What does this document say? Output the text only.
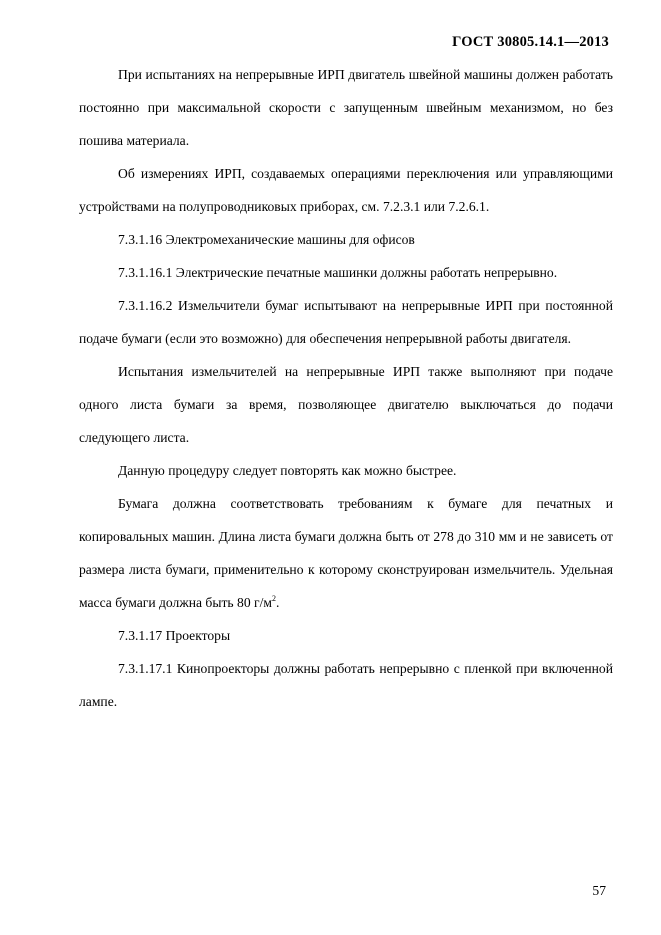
ГОСТ 30805.14.1—2013

При испытаниях на непрерывные ИРП двигатель швейной машины должен работать постоянно при максимальной скорости с запущенным швейным механизмом, но без пошива материала.

Об измерениях ИРП, создаваемых операциями переключения или управляющими устройствами на полупроводниковых приборах, см. 7.2.3.1 или 7.2.6.1.

7.3.1.16 Электромеханические машины для офисов

7.3.1.16.1 Электрические печатные машинки должны работать непрерывно.

7.3.1.16.2 Измельчители бумаг испытывают на непрерывные ИРП при постоянной подаче бумаги (если это возможно) для обеспечения непрерывной работы двигателя.

Испытания измельчителей на непрерывные ИРП также выполняют при подаче одного листа бумаги за время, позволяющее двигателю выключаться до подачи следующего листа.

Данную процедуру следует повторять как можно быстрее.

Бумага должна соответствовать требованиям к бумаге для печатных и копировальных машин. Длина листа бумаги должна быть от 278 до 310 мм и не зависеть от размера листа бумаги, применительно к которому сконструирован измельчитель. Удельная масса бумаги должна быть 80 $г/м^2$.

7.3.1.17 Проекторы

7.3.1.17.1 Кинопроекторы должны работать непрерывно с пленкой при включенной лампе.

57
